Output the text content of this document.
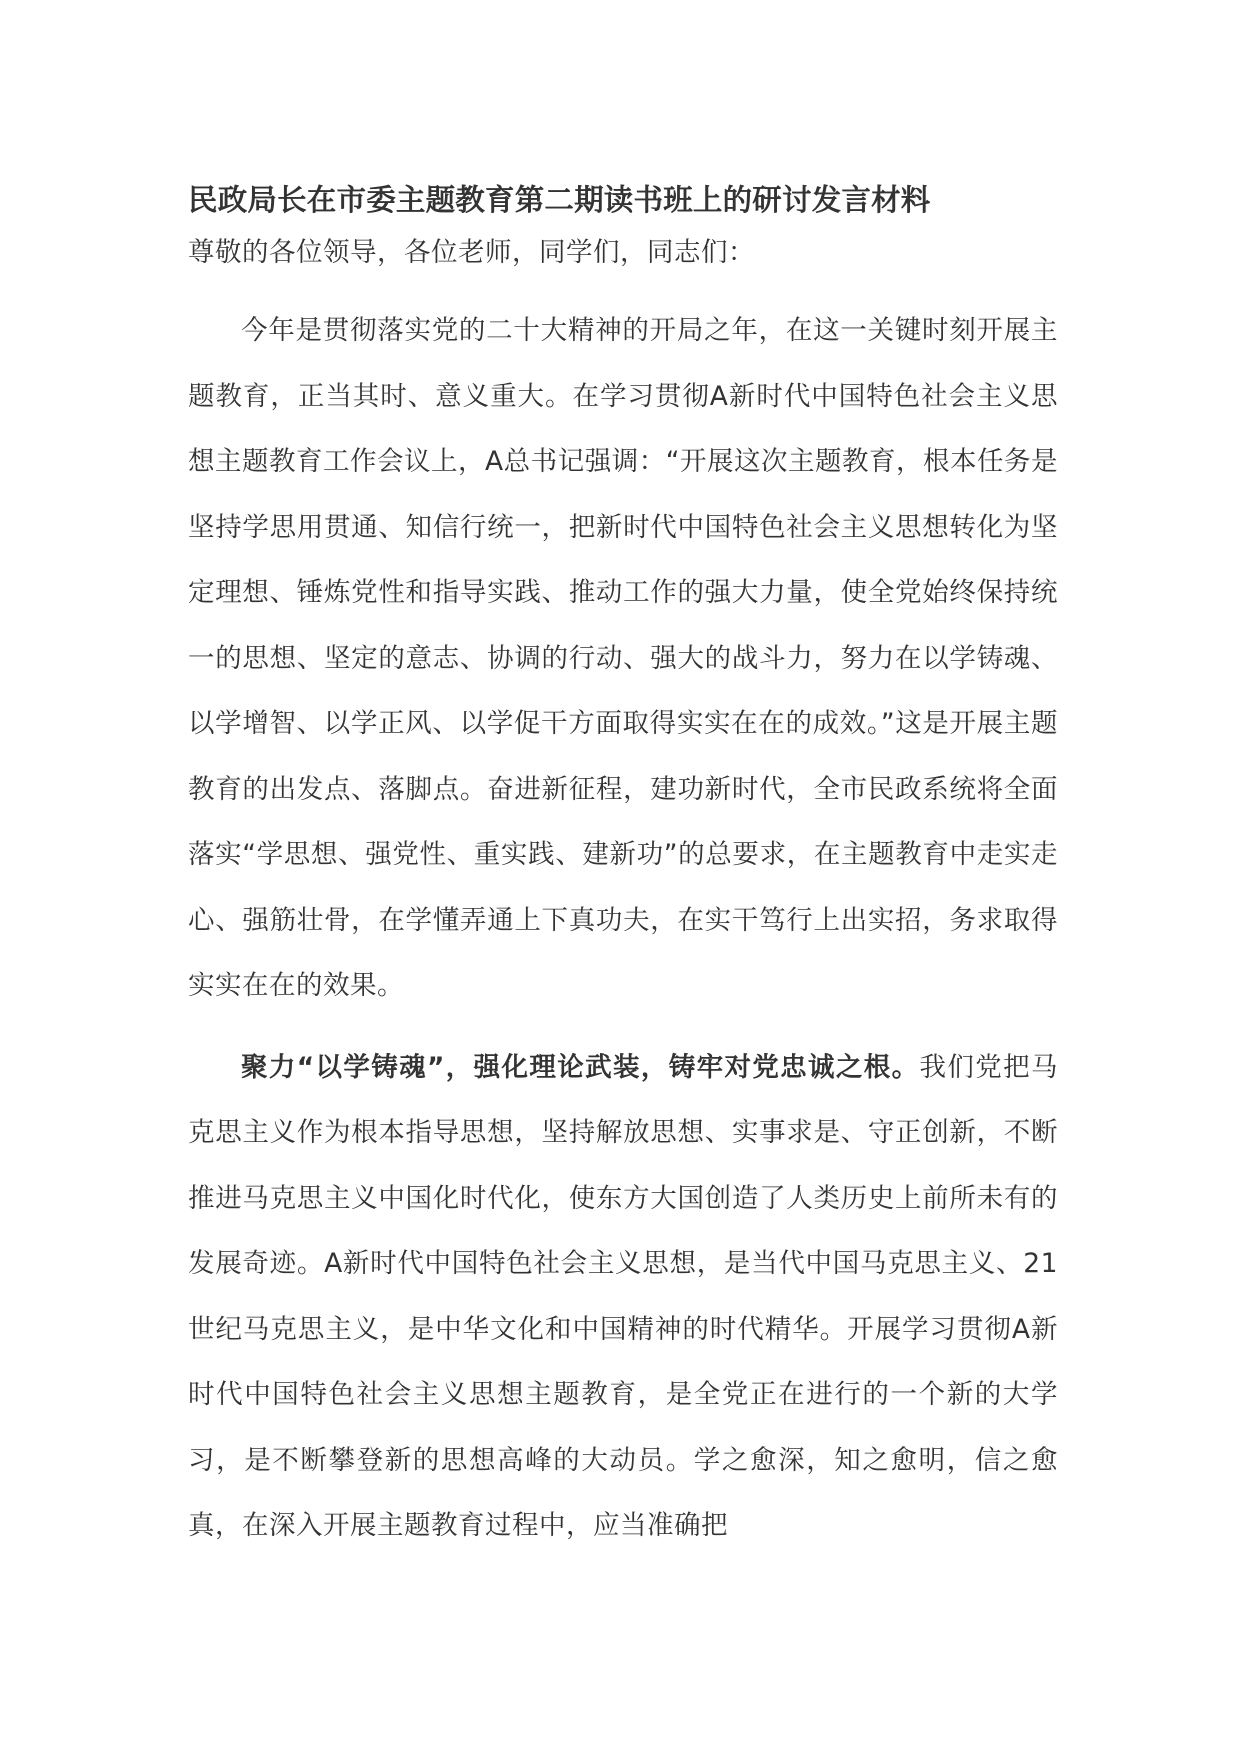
民政局长在市委主题教育第二期读书班上的研讨发言材料

尊敬的各位领导，各位老师，同学们，同志们：

今年是贯彻落实党的二十大精神的开局之年，在这一关键时刻开展主题教育，正当其时、意义重大。在学习贯彻A新时代中国特色社会主义思想主题教育工作会议上，A总书记强调：“开展这次主题教育，根本任务是坚持学思用贯通、知信行统一，把新时代中国特色社会主义思想转化为坚定理想、锤炼党性和指导实践、推动工作的强大力量，使全党始终保持统一的思想、坚定的意志、协调的行动、强大的战斗力，努力在以学铸魂、以学增智、以学正风、以学促干方面取得实实在在的成效。”这是开展主题教育的出发点、落脚点。奋进新征程，建功新时代，全市民政系统将全面落实“学思想、强党性、重实践、建新功”的总要求，在主题教育中走实走心、强筋壮骨，在学懂弄通上下真功夫，在实干笃行上出实招，务求取得实实在在的效果。

聚力“以学铸魂”，强化理论武装，铸牢对党忠诚之根。我们党把马克思主义作为根本指导思想，坚持解放思想、实事求是、守正创新，不断推进马克思主义中国化时代化，使东方大国创造了人类历史上前所未有的发展奇迹。A新时代中国特色社会主义思想，是当代中国马克思主义、21世纪马克思主义，是中华文化和中国精神的时代精华。开展学习贯彻A新时代中国特色社会主义思想主题教育，是全党正在进行的一个新的大学习，是不断攀登新的思想高峰的大动员。学之愈深，知之愈明，信之愈真，在深入开展主题教育过程中，应当准确把
